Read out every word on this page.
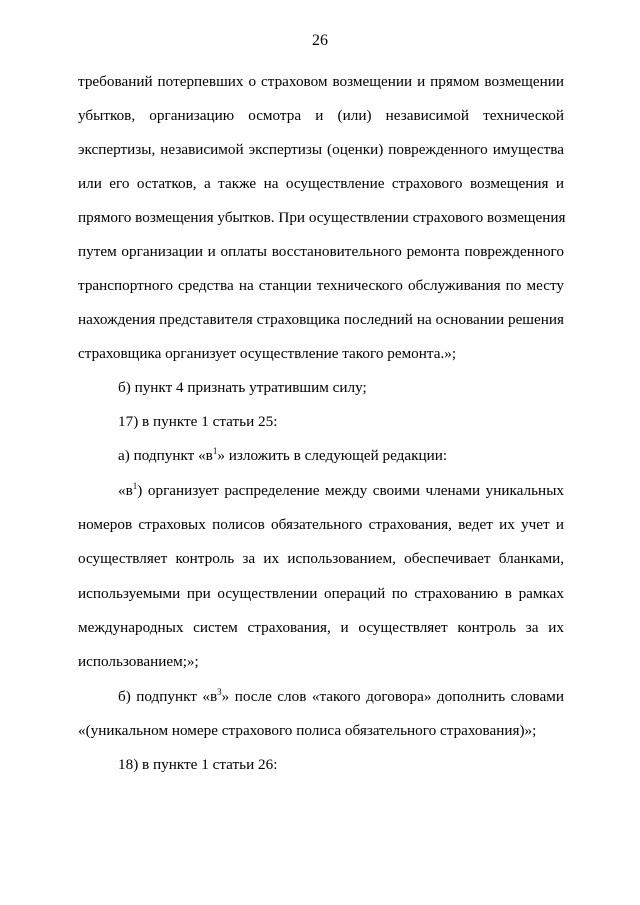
26
требований потерпевших о страховом возмещении и прямом возмещении
убытков, организацию осмотра и (или) независимой технической
экспертизы, независимой экспертизы (оценки) поврежденного имущества
или его остатков, а также на осуществление страхового возмещения и
прямого возмещения убытков. При осуществлении страхового возмещения
путем организации и оплаты восстановительного ремонта поврежденного
транспортного средства на станции технического обслуживания по месту
нахождения представителя страховщика последний на основании решения
страховщика организует осуществление такого ремонта.»;
б) пункт 4 признать утратившим силу;
17) в пункте 1 статьи 25:
а) подпункт «$в^1$» изложить в следующей редакции:
«$в^1$) организует распределение между своими членами уникальных
номеров страховых полисов обязательного страхования, ведет их учет и
осуществляет контроль за их использованием, обеспечивает бланками,
используемыми при осуществлении операций по страхованию в рамках
международных систем страхования, и осуществляет контроль за их
использованием;»;
б) подпункт «$в^3$» после слов «такого договора» дополнить словами
«(уникальном номере страхового полиса обязательного страхования)»;
18) в пункте 1 статьи 26:
